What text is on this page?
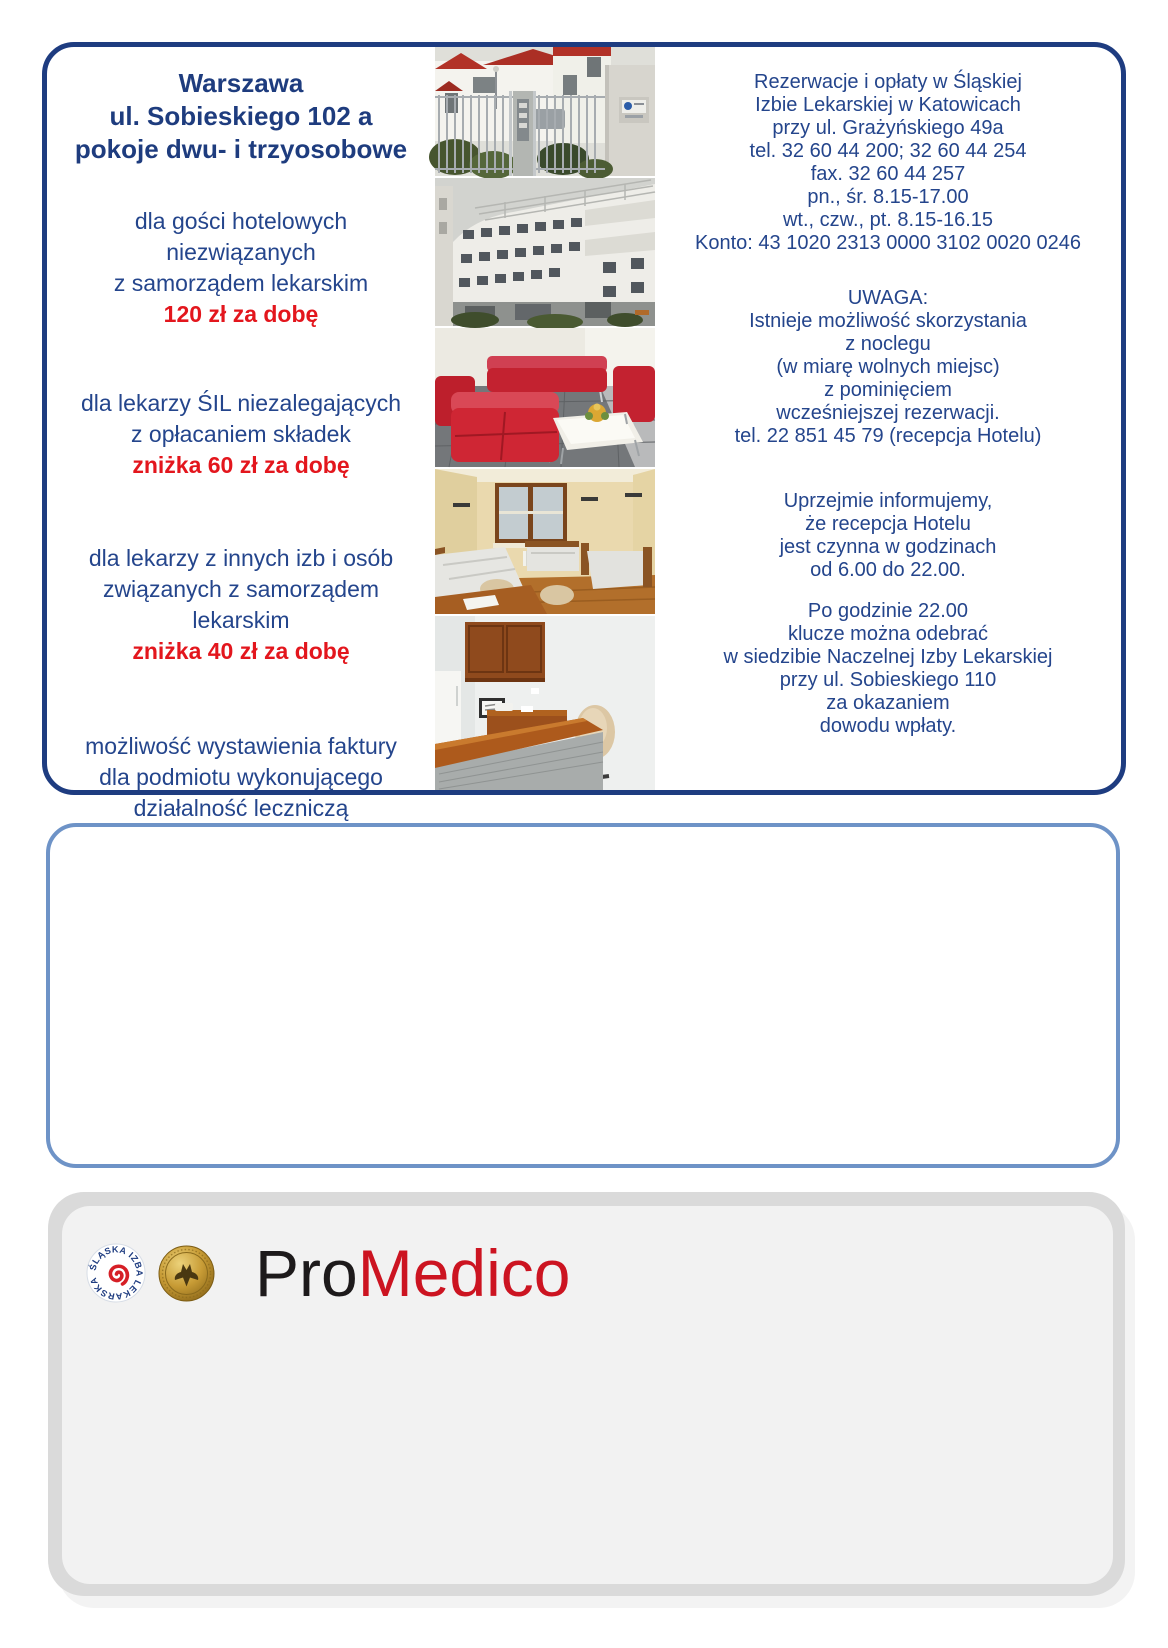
Warszawa
ul. Sobieskiego 102 a
pokoje dwu- i trzyosobowe
dla gości hotelowych
niezwiązanych
z samorządem lekarskim
120 zł za dobę
dla lekarzy ŚIL niezalegających
z opłacaniem składek
zniżka 60 zł za dobę
dla lekarzy z innych izb i osób
związanych z samorządem
lekarskim
zniżka 40 zł za dobę
możliwość wystawienia faktury
dla podmiotu wykonującego
działalność leczniczą
Rezerwacje i opłaty w Śląskiej
Izbie Lekarskiej w Katowicach
przy ul. Grażyńskiego 49a
tel. 32 60 44 200; 32 60 44 254
fax. 32 60 44 257
pn., śr. 8.15-17.00
wt., czw., pt. 8.15-16.15
Konto: 43 1020 2313 0000 3102 0020 0246
UWAGA:
Istnieje możliwość skorzystania
z noclegu
(w miarę wolnych miejsc)
z pominięciem
wcześniejszej rezerwacji.
tel. 22 851 45 79 (recepcja Hotelu)
Uprzejmie informujemy,
że recepcja Hotelu
jest czynna w godzinach
od 6.00 do 22.00.
Po godzinie 22.00
klucze można odebrać
w siedzibie Naczelnej Izby Lekarskiej
przy ul. Sobieskiego 110
za okazaniem
dowodu wpłaty.
ŚLĄSKA IZBA LEKARSKA	ProMedico
